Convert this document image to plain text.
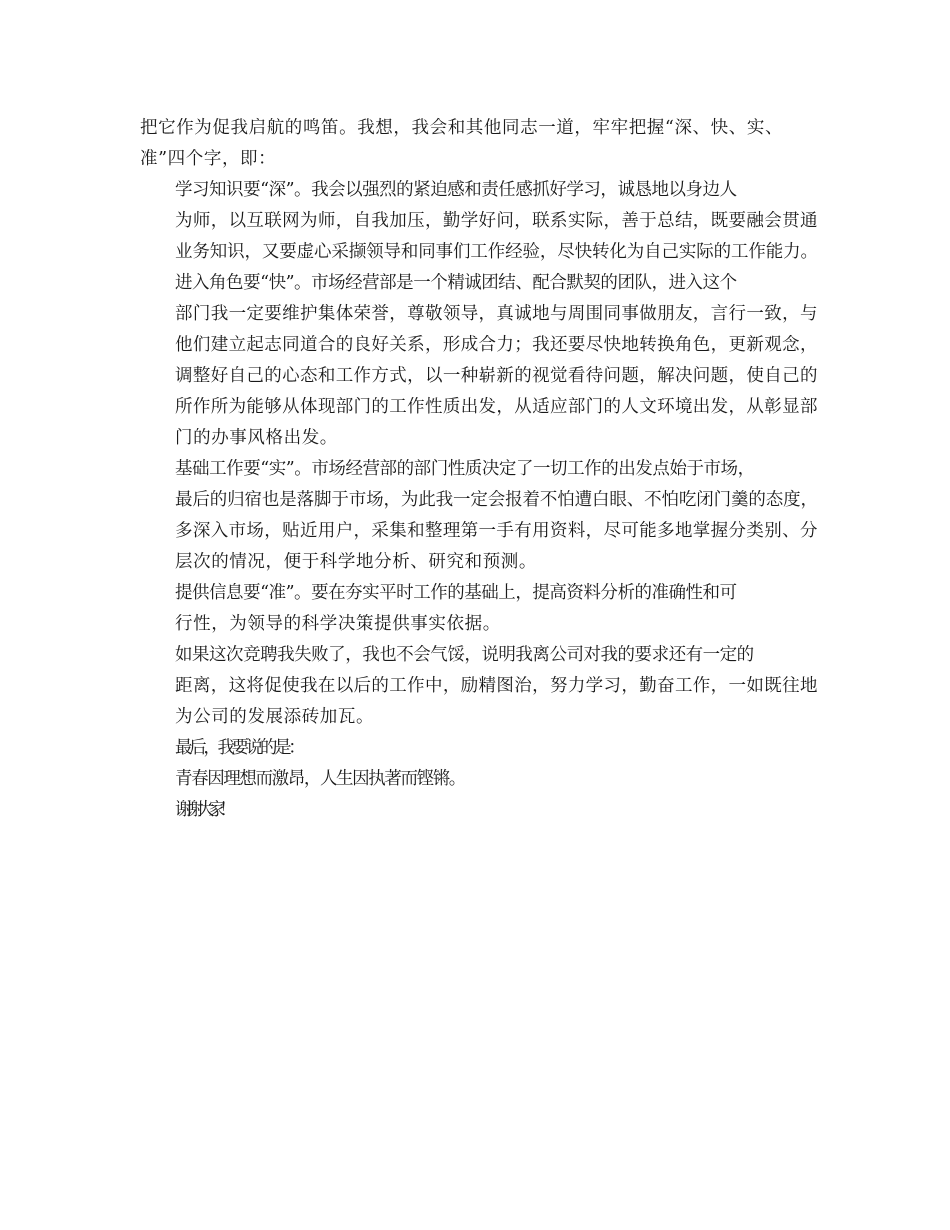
把它作为促我启航的鸣笛。我想，我会和其他同志一道，牢牢把握“深、快、实、
准”四个字，即：
学习知识要“深”。我会以强烈的紧迫感和责任感抓好学习，诚恳地以身边人
为师，以互联网为师，自我加压，勤学好问，联系实际，善于总结，既要融会贯通
业务知识，又要虚心采撷领导和同事们工作经验，尽快转化为自己实际的工作能力。
进入角色要“快”。市场经营部是一个精诚团结、配合默契的团队，进入这个
部门我一定要维护集体荣誉，尊敬领导，真诚地与周围同事做朋友，言行一致，与
他们建立起志同道合的良好关系，形成合力；我还要尽快地转换角色，更新观念，
调整好自己的心态和工作方式，以一种崭新的视觉看待问题，解决问题，使自己的
所作所为能够从体现部门的工作性质出发，从适应部门的人文环境出发，从彰显部
门的办事风格出发。
基础工作要“实”。市场经营部的部门性质决定了一切工作的出发点始于市场，
最后的归宿也是落脚于市场，为此我一定会报着不怕遭白眼、不怕吃闭门羹的态度，
多深入市场，贴近用户，采集和整理第一手有用资料，尽可能多地掌握分类别、分
层次的情况，便于科学地分析、研究和预测。
提供信息要“准”。要在夯实平时工作的基础上，提高资料分析的准确性和可
行性，为领导的科学决策提供事实依据。
如果这次竞聘我失败了，我也不会气馁，说明我离公司对我的要求还有一定的
距离，这将促使我在以后的工作中，励精图治，努力学习，勤奋工作，一如既往地
为公司的发展添砖加瓦。
最后，我要说的是：
青春因理想而激昂，人生因执著而铿锵。
谢谢大家！
